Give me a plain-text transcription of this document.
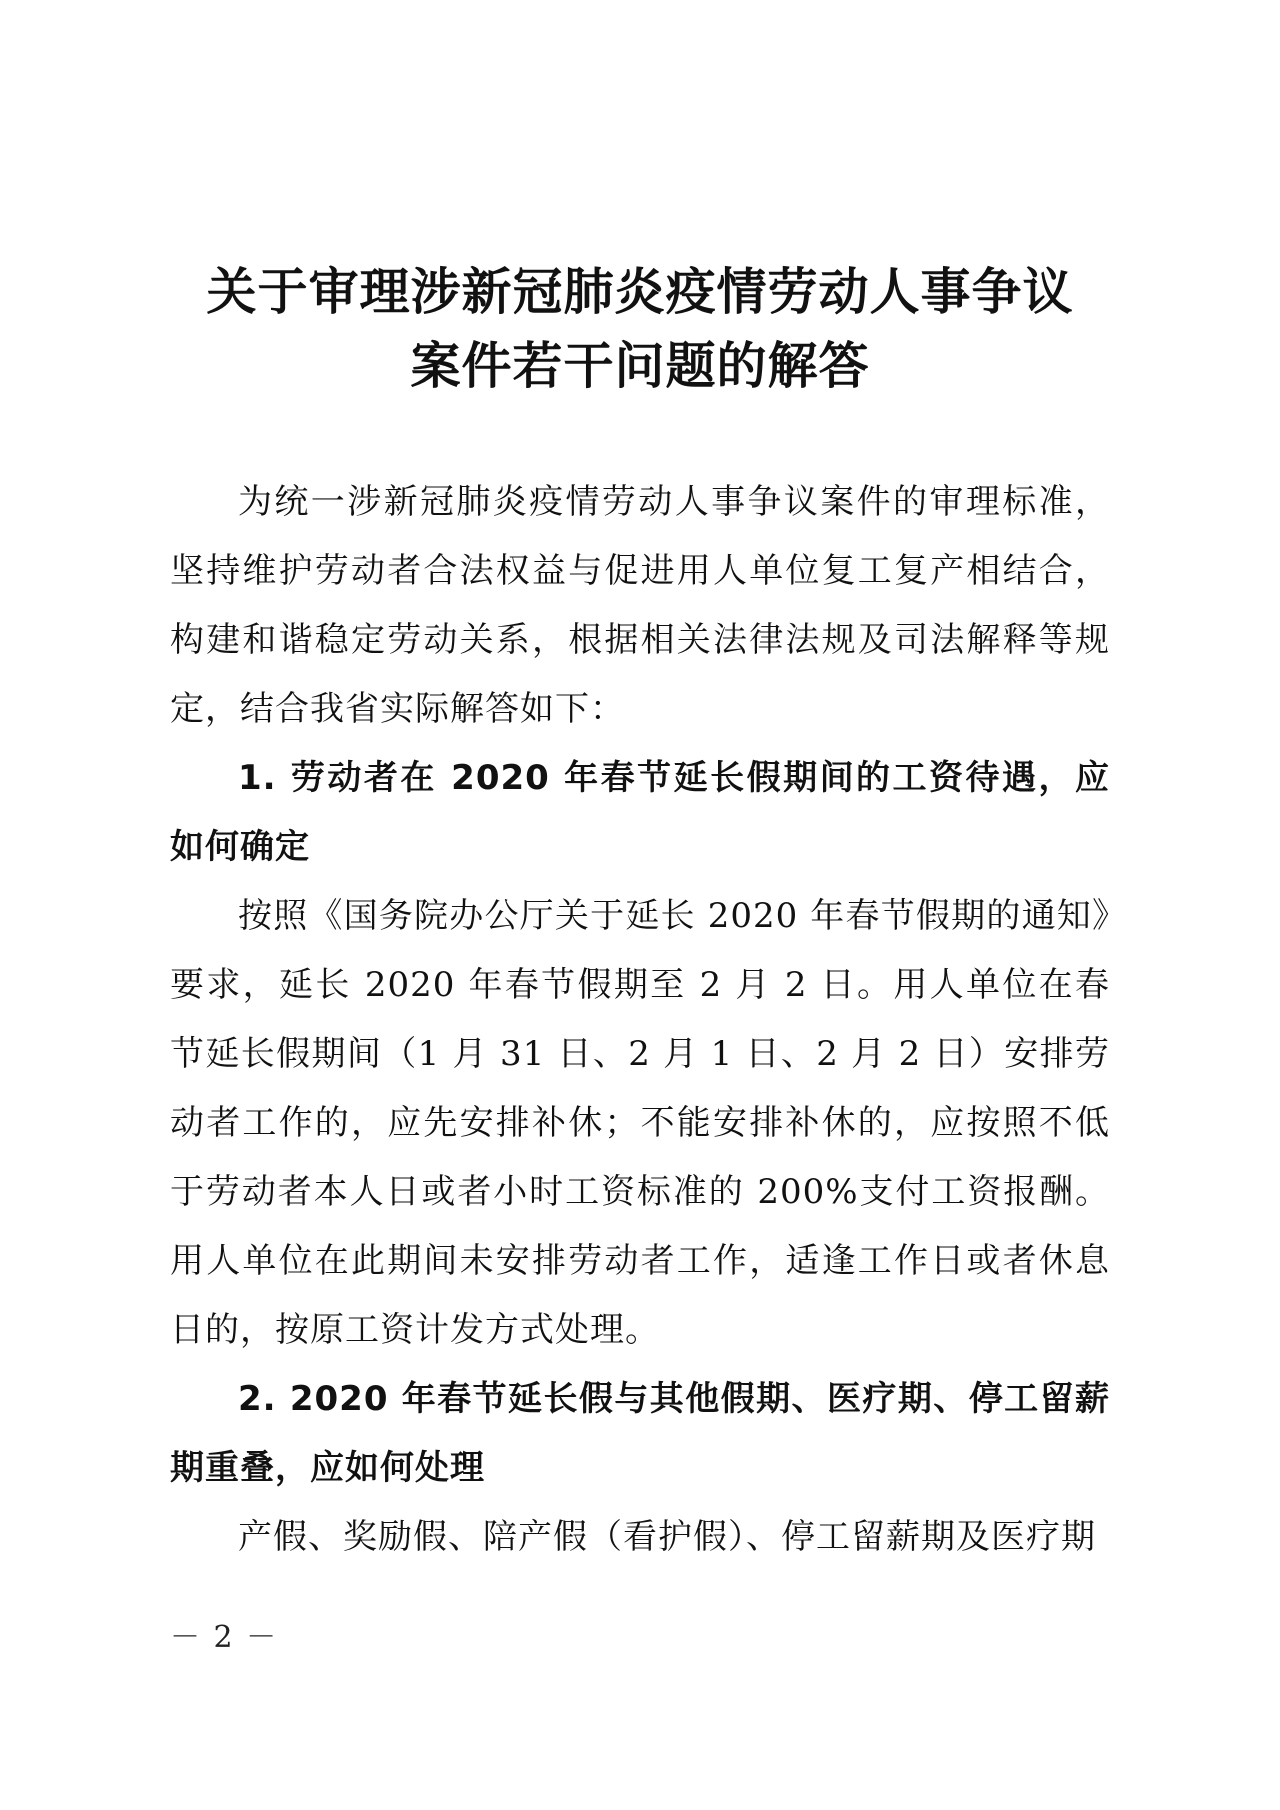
关于审理涉新冠肺炎疫情劳动人事争议
案件若干问题的解答

为统一涉新冠肺炎疫情劳动人事争议案件的审理标准，坚持维护劳动者合法权益与促进用人单位复工复产相结合，构建和谐稳定劳动关系，根据相关法律法规及司法解释等规定，结合我省实际解答如下：

1. 劳动者在 2020 年春节延长假期间的工资待遇，应如何确定

按照《国务院办公厅关于延长 2020 年春节假期的通知》要求，延长 2020 年春节假期至 2 月 2 日。用人单位在春节延长假期间（1 月 31 日、2 月 1 日、2 月 2 日）安排劳动者工作的，应先安排补休；不能安排补休的，应按照不低于劳动者本人日或者小时工资标准的 200%支付工资报酬。用人单位在此期间未安排劳动者工作，适逢工作日或者休息日的，按原工资计发方式处理。

2. 2020 年春节延长假与其他假期、医疗期、停工留薪期重叠，应如何处理

产假、奖励假、陪产假（看护假）、停工留薪期及医疗期

－ 2 －
